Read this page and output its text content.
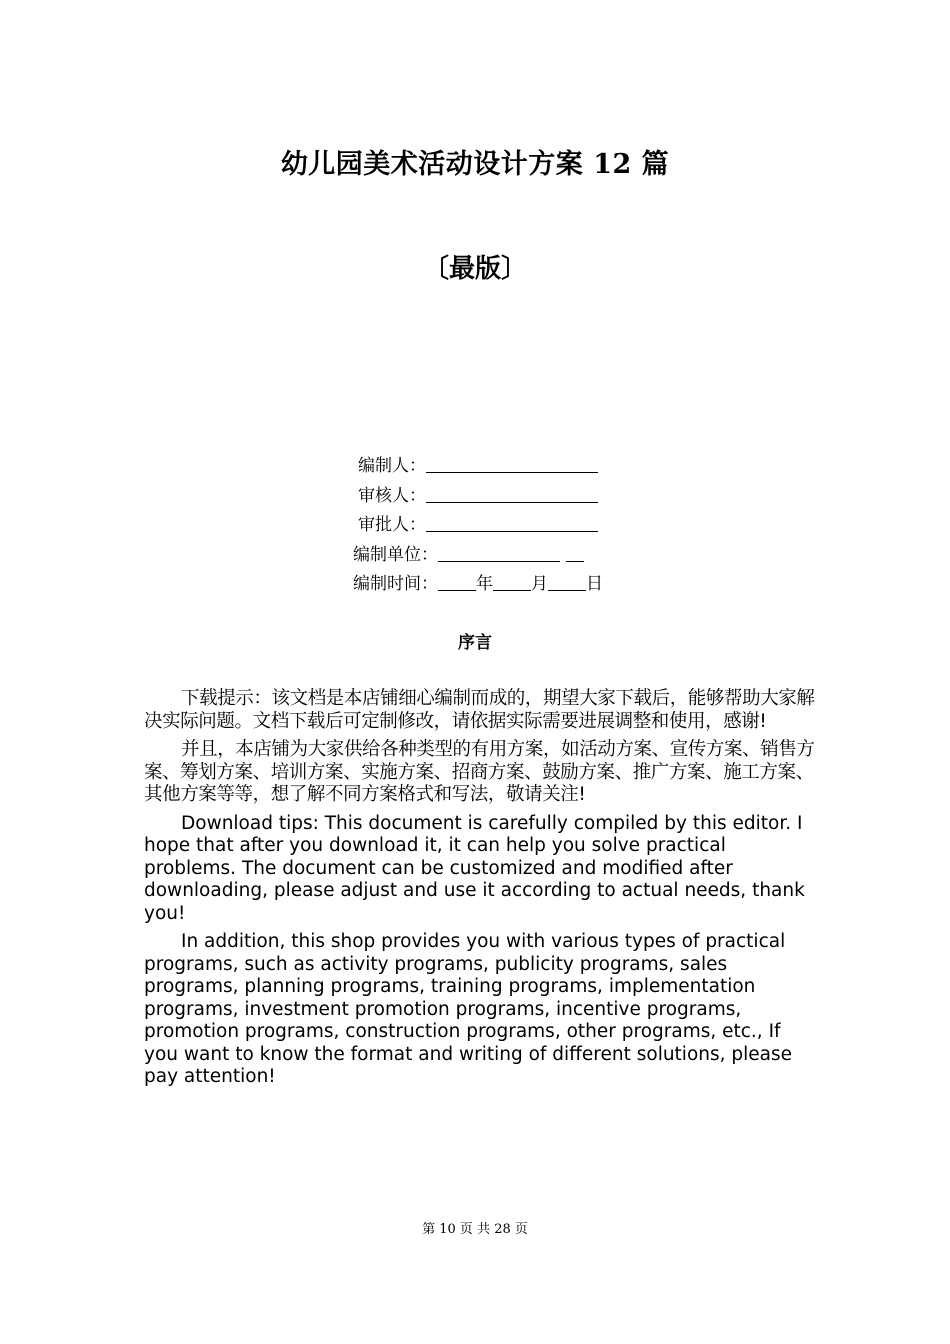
幼儿园美术活动设计方案 12 篇
〔最版〕
编制人：
审核人：
审批人：
编制单位：
编制时间： 年 月 日
序言

下载提示：该文档是本店铺细心编制而成的，期望大家下载后，能够帮助大家解决实际问题。文档下载后可定制修改，请依据实际需要进展调整和使用，感谢!

并且，本店铺为大家供给各种类型的有用方案，如活动方案、宣传方案、销售方案、筹划方案、培训方案、实施方案、招商方案、鼓励方案、推广方案、施工方案、其他方案等等，想了解不同方案格式和写法，敬请关注!

Download tips: This document is carefully compiled by this editor. I hope that after you download it, it can help you solve practical problems. The document can be customized and modified after downloading, please adjust and use it according to actual needs, thank you!

In addition, this shop provides you with various types of practical programs, such as activity programs, publicity programs, sales programs, planning programs, training programs, implementation programs, investment promotion programs, incentive programs, promotion programs, construction programs, other programs, etc., If you want to know the format and writing of different solutions, please pay attention!

第 10 页 共 28 页
